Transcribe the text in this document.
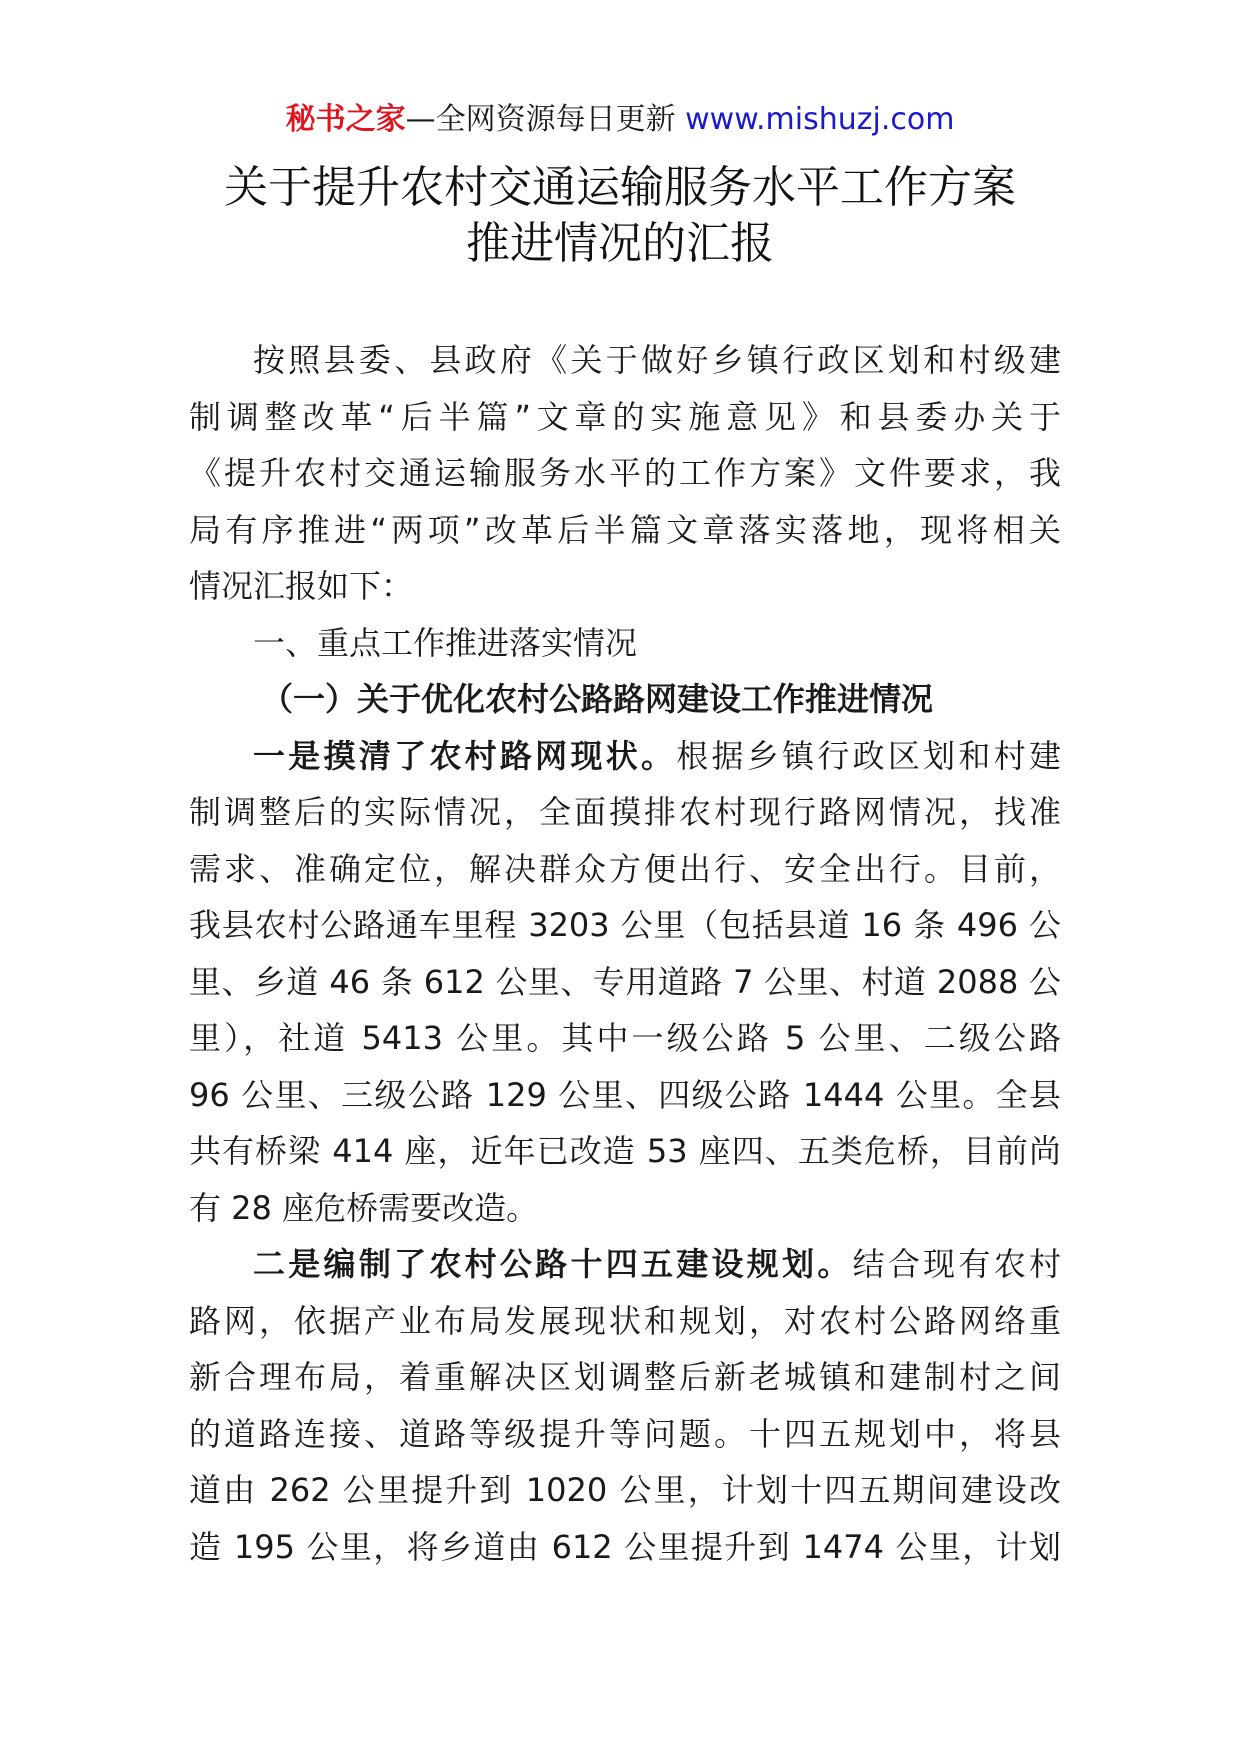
秘书之家—全网资源每日更新 www.mishuzj.com
关于提升农村交通运输服务水平工作方案
推进情况的汇报
按照县委、县政府《关于做好乡镇行政区划和村级建
制调整改革“后半篇”文章的实施意见》和县委办关于
《提升农村交通运输服务水平的工作方案》文件要求，我
局有序推进“两项”改革后半篇文章落实落地，现将相关
情况汇报如下：
一、重点工作推进落实情况
（一）关于优化农村公路路网建设工作推进情况
一是摸清了农村路网现状。根据乡镇行政区划和村建
制调整后的实际情况，全面摸排农村现行路网情况，找准
需求、准确定位，解决群众方便出行、安全出行。目前，
我县农村公路通车里程 3203 公里（包括县道 16 条 496 公
里、乡道 46 条 612 公里、专用道路 7 公里、村道 2088 公
里），社道 5413 公里。其中一级公路 5 公里、二级公路
96 公里、三级公路 129 公里、四级公路 1444 公里。全县
共有桥梁 414 座，近年已改造 53 座四、五类危桥，目前尚
有 28 座危桥需要改造。
二是编制了农村公路十四五建设规划。结合现有农村
路网，依据产业布局发展现状和规划，对农村公路网络重
新合理布局，着重解决区划调整后新老城镇和建制村之间
的道路连接、道路等级提升等问题。十四五规划中，将县
道由 262 公里提升到 1020 公里，计划十四五期间建设改
造 195 公里，将乡道由 612 公里提升到 1474 公里，计划
